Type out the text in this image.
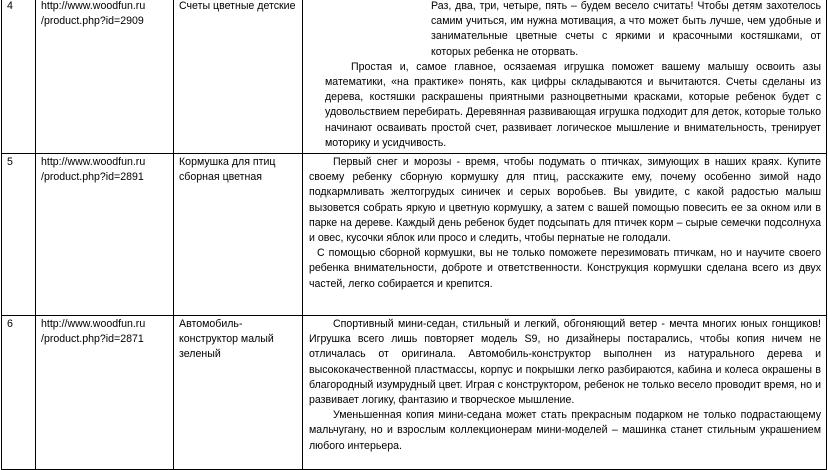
4	http://www.woodfun.ru /product.php?id=2909	Счеты цветные детские	Раз, два, три, четыре, пять – будем весело считать! Чтобы детям захотелось самим учиться, им нужна мотивация, а что может быть лучше, чем удобные и занимательные цветные счеты с яркими и красочными костяшками, от которых ребенка не оторвать.

Простая и, самое главное, осязаемая игрушка поможет вашему малышу освоить азы математики, «на практике» понять, как цифры складываются и вычитаются. Счеты сделаны из дерева, костяшки раскрашены приятными разноцветными красками, которые ребенок будет с удовольствием перебирать. Деревянная развивающая игрушка подходит для деток, которые только начинают осваивать простой счет, развивает логическое мышление и внимательность, тренирует моторику и усидчивость.

5	http://www.woodfun.ru /product.php?id=2891	Кормушка для птиц сборная цветная	Первый снег и морозы - время, чтобы подумать о птичках, зимующих в наших краях. Купите своему ребенку сборную кормушку для птиц, расскажите ему, почему особенно зимой надо подкармливать желтогрудых синичек и серых воробьев. Вы увидите, с какой радостью малыш вызовется собрать яркую и цветную кормушку, а затем с вашей помощью повесить ее за окном или в парке на дереве. Каждый день ребенок будет подсыпать для птичек корм – сырые семечки подсолнуха и овес, кусочки яблок или просо и следить, чтобы пернатые не голодали.

С помощью сборной кормушки, вы не только поможете перезимовать птичкам, но и научите своего ребенка внимательности, доброте и ответственности. Конструкция кормушки сделана всего из двух частей, легко собирается и крепится.

6	http://www.woodfun.ru /product.php?id=2871	Автомобиль-конструктор малый зеленый	Спортивный мини-седан, стильный и легкий, обгоняющий ветер - мечта многих юных гонщиков! Игрушка всего лишь повторяет модель S9, но дизайнеры постарались, чтобы копия ничем не отличалась от оригинала. Автомобиль-конструктор выполнен из натурального дерева и высококачественной пластмассы, корпус и покрышки легко разбираются, кабина и колеса окрашены в благородный изумрудный цвет. Играя с конструктором, ребенок не только весело проводит время, но и развивает логику, фантазию и творческое мышление.

Уменьшенная копия мини-седана может стать прекрасным подарком не только подрастающему мальчугану, но и взрослым коллекционерам мини-моделей – машинка станет стильным украшением любого интерьера.
